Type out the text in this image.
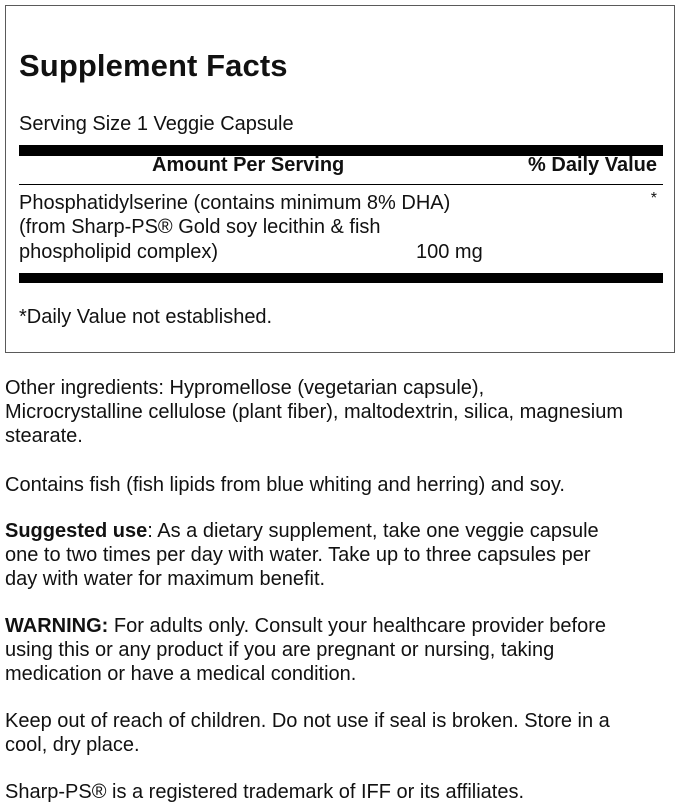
Supplement Facts
Serving Size 1 Veggie Capsule
Amount Per Serving	% Daily Value
Phosphatidylserine (contains minimum 8% DHA)
(from Sharp-PS® Gold soy lecithin & fish
phospholipid complex)	100 mg
*
*Daily Value not established.
Other ingredients: Hypromellose (vegetarian capsule),
Microcrystalline cellulose (plant fiber), maltodextrin, silica, magnesium
stearate.
Contains fish (fish lipids from blue whiting and herring) and soy.
Suggested use: As a dietary supplement, take one veggie capsule
one to two times per day with water. Take up to three capsules per
day with water for maximum benefit.
WARNING: For adults only. Consult your healthcare provider before
using this or any product if you are pregnant or nursing, taking
medication or have a medical condition.
Keep out of reach of children. Do not use if seal is broken. Store in a
cool, dry place.
Sharp-PS® is a registered trademark of IFF or its affiliates.
